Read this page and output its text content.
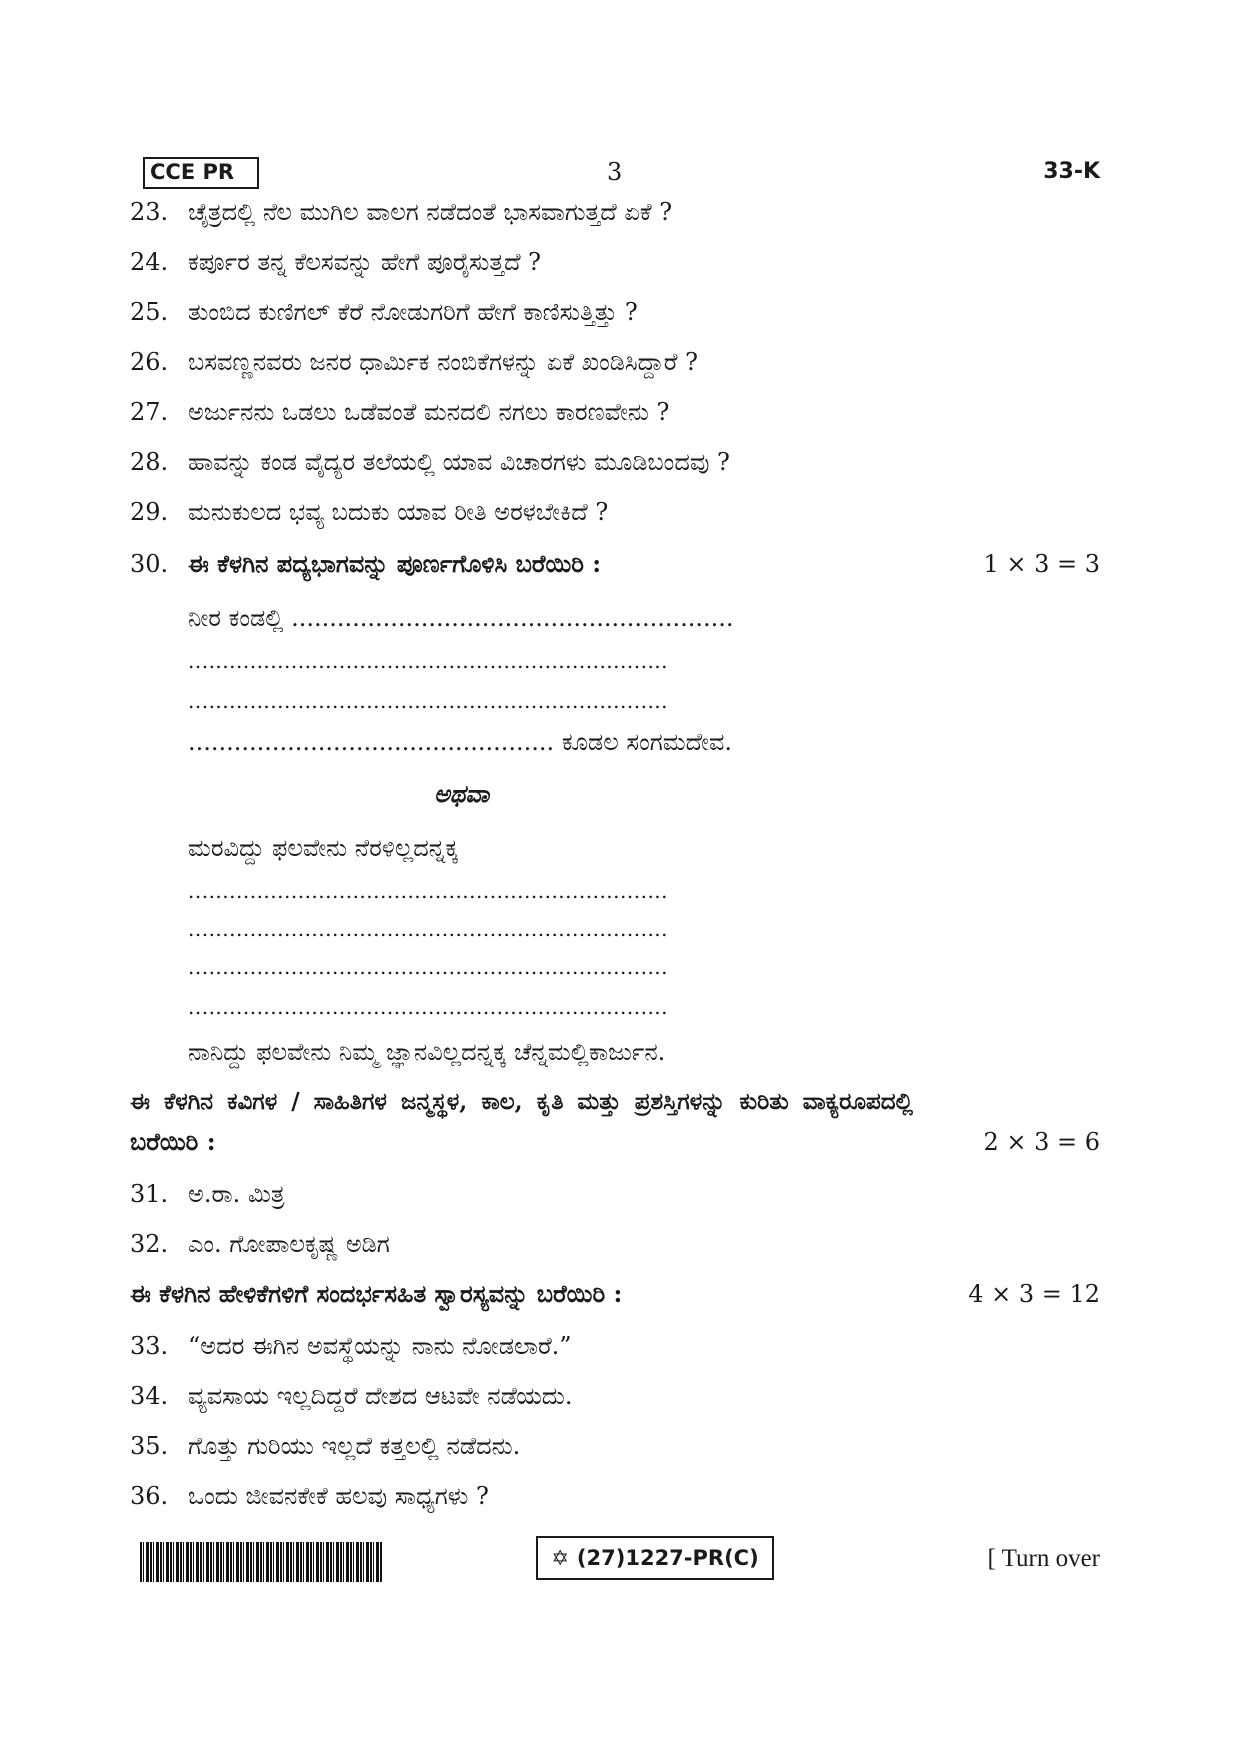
CCE PR	3	33-K
23. ಚೈತ್ರದಲ್ಲಿ ನೆಲ ಮುಗಿಲ ವಾಲಗ ನಡೆದಂತೆ ಭಾಸವಾಗುತ್ತದೆ ಏಕೆ ?
24. ಕರ್ಪೂರ ತನ್ನ ಕೆಲಸವನ್ನು ಹೇಗೆ ಪೂರೈಸುತ್ತದೆ ?
25. ತುಂಬಿದ ಕುಣಿಗಲ್ ಕೆರೆ ನೋಡುಗರಿಗೆ ಹೇಗೆ ಕಾಣಿಸುತ್ತಿತ್ತು ?
26. ಬಸವಣ್ಣನವರು ಜನರ ಧಾರ್ಮಿಕ ನಂಬಿಕೆಗಳನ್ನು ಏಕೆ ಖಂಡಿಸಿದ್ದಾರೆ ?
27. ಅರ್ಜುನನು ಒಡಲು ಒಡೆವಂತೆ ಮನದಲಿ ನಗಲು ಕಾರಣವೇನು ?
28. ಹಾವನ್ನು ಕಂಡ ವೈದ್ಯರ ತಲೆಯಲ್ಲಿ ಯಾವ ವಿಚಾರಗಳು ಮೂಡಿಬಂದವು ?
29. ಮನುಕುಲದ ಭವ್ಯ ಬದುಕು ಯಾವ ರೀತಿ ಅರಳಬೇಕಿದೆ ?
30. ಈ ಕೆಳಗಿನ ಪದ್ಯಭಾಗವನ್ನು ಪೂರ್ಣಗೊಳಿಸಿ ಬರೆಯಿರಿ :	1 × 3 = 3
ನೀರ ಕಂಡಲ್ಲಿ ..........................................................
......................................................................
......................................................................
................................................ ಕೂಡಲ ಸಂಗಮದೇವ.
ಅಥವಾ
ಮರವಿದ್ದು ಫಲವೇನು ನೆರಳಿಲ್ಲದನ್ನಕ್ಕ
......................................................................
......................................................................
......................................................................
......................................................................
ನಾನಿದ್ದು ಫಲವೇನು ನಿಮ್ಮ ಜ್ಞಾನವಿಲ್ಲದನ್ನಕ್ಕ ಚೆನ್ನಮಲ್ಲಿಕಾರ್ಜುನ.
ಈ ಕೆಳಗಿನ ಕವಿಗಳ / ಸಾಹಿತಿಗಳ ಜನ್ಮಸ್ಥಳ, ಕಾಲ, ಕೃತಿ ಮತ್ತು ಪ್ರಶಸ್ತಿಗಳನ್ನು ಕುರಿತು ವಾಕ್ಯರೂಪದಲ್ಲಿ
ಬರೆಯಿರಿ :	2 × 3 = 6
31. ಅ.ರಾ. ಮಿತ್ರ
32. ಎಂ. ಗೋಪಾಲಕೃಷ್ಣ ಅಡಿಗ
ಈ ಕೆಳಗಿನ ಹೇಳಿಕೆಗಳಿಗೆ ಸಂದರ್ಭಸಹಿತ ಸ್ವಾರಸ್ಯವನ್ನು ಬರೆಯಿರಿ :	4 × 3 = 12
33. “ಅದರ ಈಗಿನ ಅವಸ್ಥೆಯನ್ನು ನಾನು ನೋಡಲಾರೆ.”
34. ವ್ಯವಸಾಯ ಇಲ್ಲದಿದ್ದರೆ ದೇಶದ ಆಟವೇ ನಡೆಯದು.
35. ಗೊತ್ತು ಗುರಿಯು ಇಲ್ಲದೆ ಕತ್ತಲಲ್ಲಿ ನಡೆದನು.
36. ಒಂದು ಜೀವನಕೇಕೆ ಹಲವು ಸಾಧ್ಯಗಳು ?
✡ (27)1227-PR(C)	[ Turn over
